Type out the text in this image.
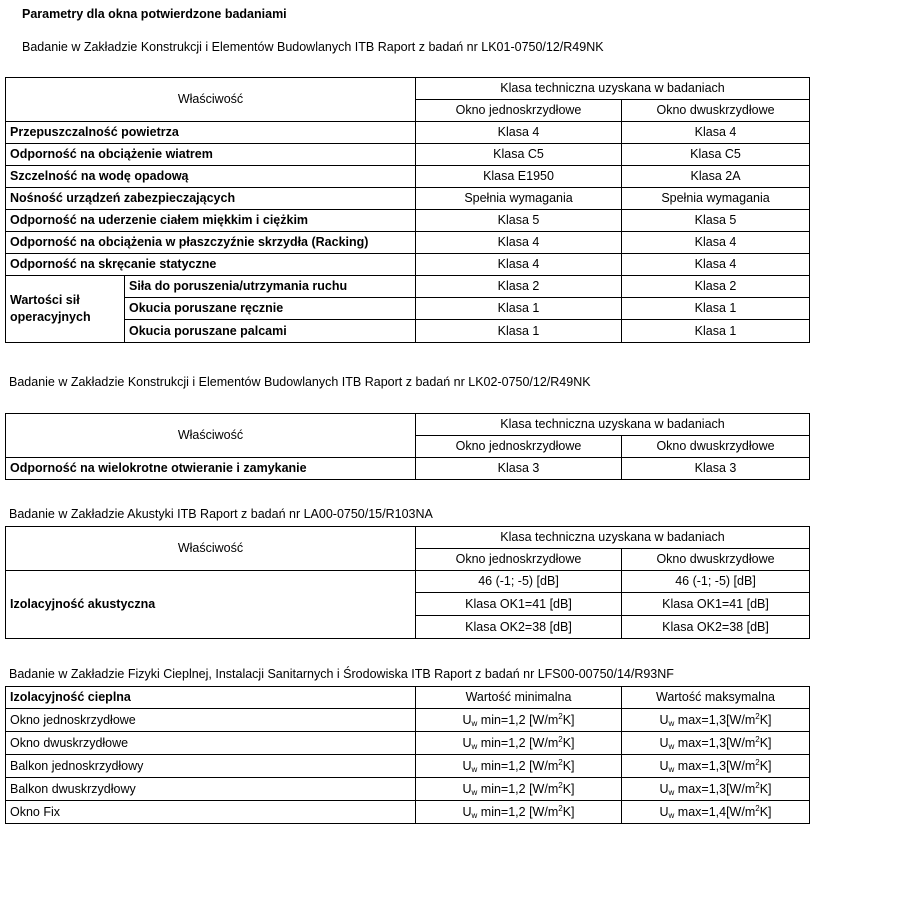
Parametry dla okna potwierdzone badaniami
Badanie w Zakładzie Konstrukcji i Elementów Budowlanych ITB Raport z badań nr LK01-0750/12/R49NK
Właściwość		Klasa techniczna uzyskana w badaniach	
		Okno jednoskrzydłowe	Okno dwuskrzydłowe
Przepuszczalność powietrza		Klasa 4	Klasa 4
Odporność na obciążenie wiatrem		Klasa C5	Klasa C5
Szczelność na wodę opadową		Klasa E1950	Klasa 2A
Nośność urządzeń zabezpieczających		Spełnia wymagania	Spełnia wymagania
Odporność na uderzenie ciałem miękkim i ciężkim		Klasa 5	Klasa 5
Odporność na obciążenia w płaszczyźnie skrzydła (Racking)		Klasa 4	Klasa 4
Odporność na skręcanie statyczne		Klasa 4	Klasa 4
Wartości sił operacyjnych	Siła do poruszenia/utrzymania ruchu	Klasa 2	Klasa 2
	Okucia poruszane ręcznie	Klasa 1	Klasa 1
	Okucia poruszane palcami	Klasa 1	Klasa 1
Badanie w Zakładzie Konstrukcji i Elementów Budowlanych ITB Raport z badań nr LK02-0750/12/R49NK
Właściwość	Klasa techniczna uzyskana w badaniach	
	Okno jednoskrzydłowe	Okno dwuskrzydłowe
Odporność na wielokrotne otwieranie i zamykanie	Klasa 3	Klasa 3
Badanie w Zakładzie Akustyki ITB Raport z badań nr LA00-0750/15/R103NA
Właściwość	Klasa techniczna uzyskana w badaniach	
	Okno jednoskrzydłowe	Okno dwuskrzydłowe
Izolacyjność akustyczna	46 (-1; -5) [dB]	46 (-1; -5) [dB]
	Klasa OK1=41 [dB]	Klasa OK1=41 [dB]
	Klasa OK2=38 [dB]	Klasa OK2=38 [dB]
Badanie w Zakładzie Fizyki Cieplnej, Instalacji Sanitarnych i Środowiska ITB Raport z badań nr LFS00-00750/14/R93NF
Izolacyjność cieplna	Wartość minimalna	Wartość maksymalna
Okno jednoskrzydłowe	$U_w$ min=1,2 $[W/m^2K]$	$U_w$ $\max=1,3[W/m^2K]$
Okno dwuskrzydłowe	$U_w$ min=1,2 $[W/m^2K]$	$U_w$ $\max=1,3[W/m^2K]$
Balkon jednoskrzydłowy	$U_w$ min=1,2 $[W/m^2K]$	$U_w$ $\max=1,3[W/m^2K]$
Balkon dwuskrzydłowy	$U_w$ min=1,2 $[W/m^2K]$	$U_w$ $\max=1,3[W/m^2K]$
Okno Fix	$U_w$ min=1,2 $[W/m^2K]$	$U_w$ $\max=1,4[W/m^2K]$
